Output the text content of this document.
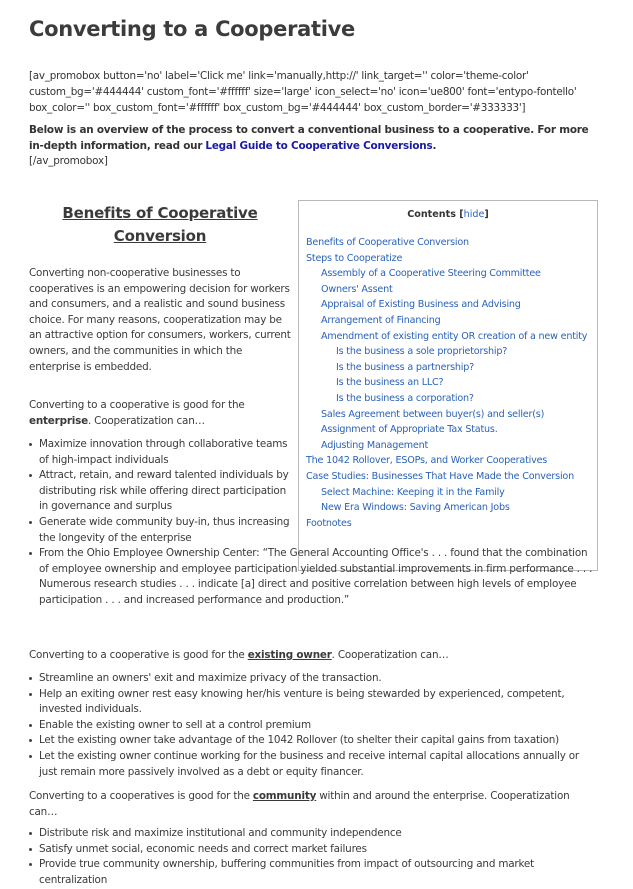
Converting to a Cooperative
[av_promobox button='no' label='Click me' link='manually,http://' link_target='' color='theme-color' custom_bg='#444444' custom_font='#ffffff' size='large' icon_select='no' icon='ue800' font='entypo-fontello' box_color='' box_custom_font='#ffffff' box_custom_bg='#444444' box_custom_border='#333333']
Below is an overview of the process to convert a conventional business to a cooperative. For more in-depth information, read our Legal Guide to Cooperative Conversions.
[/av_promobox]
Benefits of Cooperative Conversion
Contents [hide]
Benefits of Cooperative Conversion
Steps to Cooperatize
Assembly of a Cooperative Steering Committee
Owners' Assent
Appraisal of Existing Business and Advising
Arrangement of Financing
Amendment of existing entity OR creation of a new entity
Is the business a sole proprietorship?
Is the business a partnership?
Is the business an LLC?
Is the business a corporation?
Sales Agreement between buyer(s) and seller(s)
Assignment of Appropriate Tax Status.
Adjusting Management
The 1042 Rollover, ESOPs, and Worker Cooperatives
Case Studies: Businesses That Have Made the Conversion
Select Machine: Keeping it in the Family
New Era Windows: Saving American Jobs
Footnotes
Converting non-cooperative businesses to cooperatives is an empowering decision for workers and consumers, and a realistic and sound business choice. For many reasons, cooperatization may be an attractive option for consumers, workers, current owners, and the communities in which the enterprise is embedded.
Converting to a cooperative is good for the enterprise. Cooperatization can…
Maximize innovation through collaborative teams of high-impact individuals
Attract, retain, and reward talented individuals by distributing risk while offering direct participation in governance and surplus
Generate wide community buy-in, thus increasing the longevity of the enterprise
From the Ohio Employee Ownership Center: “The General Accounting Office's . . . found that the combination of employee ownership and employee participation yielded substantial improvements in firm performance . . . Numerous research studies . . . indicate [a] direct and positive correlation between high levels of employee participation . . . and increased performance and production.”
Converting to a cooperative is good for the existing owner. Cooperatization can…
Streamline an owners' exit and maximize privacy of the transaction.
Help an exiting owner rest easy knowing her/his venture is being stewarded by experienced, competent, invested individuals.
Enable the existing owner to sell at a control premium
Let the existing owner take advantage of the 1042 Rollover (to shelter their capital gains from taxation)
Let the existing owner continue working for the business and receive internal capital allocations annually or just remain more passively involved as a debt or equity financer.
Converting to a cooperatives is good for the community within and around the enterprise. Cooperatization can…
Distribute risk and maximize institutional and community independence
Satisfy unmet social, economic needs and correct market failures
Provide true community ownership, buffering communities from impact of outsourcing and market centralization
